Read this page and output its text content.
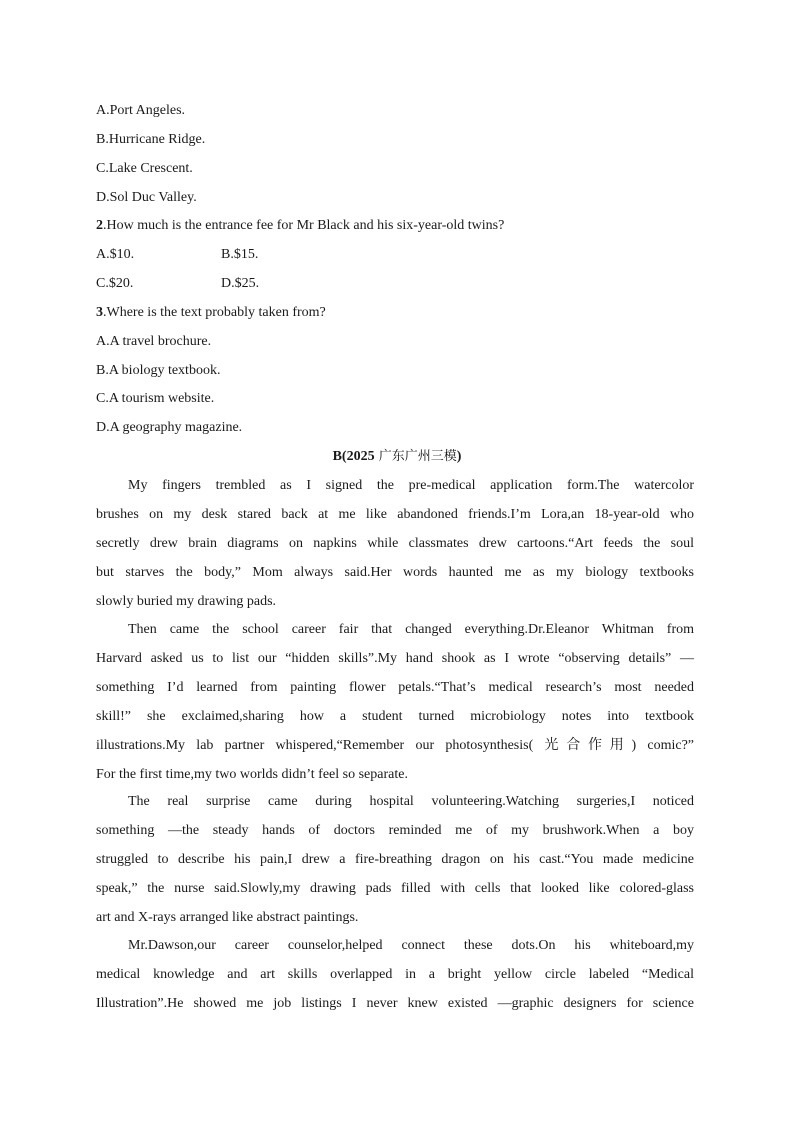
A.Port Angeles.
B.Hurricane Ridge.
C.Lake Crescent.
D.Sol Duc Valley.
2.How much is the entrance fee for Mr Black and his six-year-old twins?
A.$10.	B.$15.
C.$20.	D.$25.
3.Where is the text probably taken from?
A.A travel brochure.
B.A biology textbook.
C.A tourism website.
D.A geography magazine.
B(2025 广东广州三模)
My fingers trembled as I signed the pre-medical application form.The watercolor
brushes on my desk stared back at me like abandoned friends.I’m Lora,an 18-year-old who
secretly drew brain diagrams on napkins while classmates drew cartoons.“Art feeds the soul
but starves the body,” Mom always said.Her words haunted me as my biology textbooks
slowly buried my drawing pads.
Then came the school career fair that changed everything.Dr.Eleanor Whitman from
Harvard asked us to list our “hidden skills”.My hand shook as I wrote “observing details” —
something I’d learned from painting flower petals.“That’s medical research’s most needed
skill!” she exclaimed,sharing how a student turned microbiology notes into textbook
illustrations.My lab partner whispered,“Remember our photosynthesis( 光合作用) comic?”
For the first time,my two worlds didn’t feel so separate.
The real surprise came during hospital volunteering.Watching surgeries,I noticed
something —the steady hands of doctors reminded me of my brushwork.When a boy
struggled to describe his pain,I drew a fire-breathing dragon on his cast.“You made medicine
speak,” the nurse said.Slowly,my drawing pads filled with cells that looked like colored-glass
art and X-rays arranged like abstract paintings.
Mr.Dawson,our career counselor,helped connect these dots.On his whiteboard,my
medical knowledge and art skills overlapped in a bright yellow circle labeled “Medical
Illustration”.He showed me job listings I never knew existed —graphic designers for science
